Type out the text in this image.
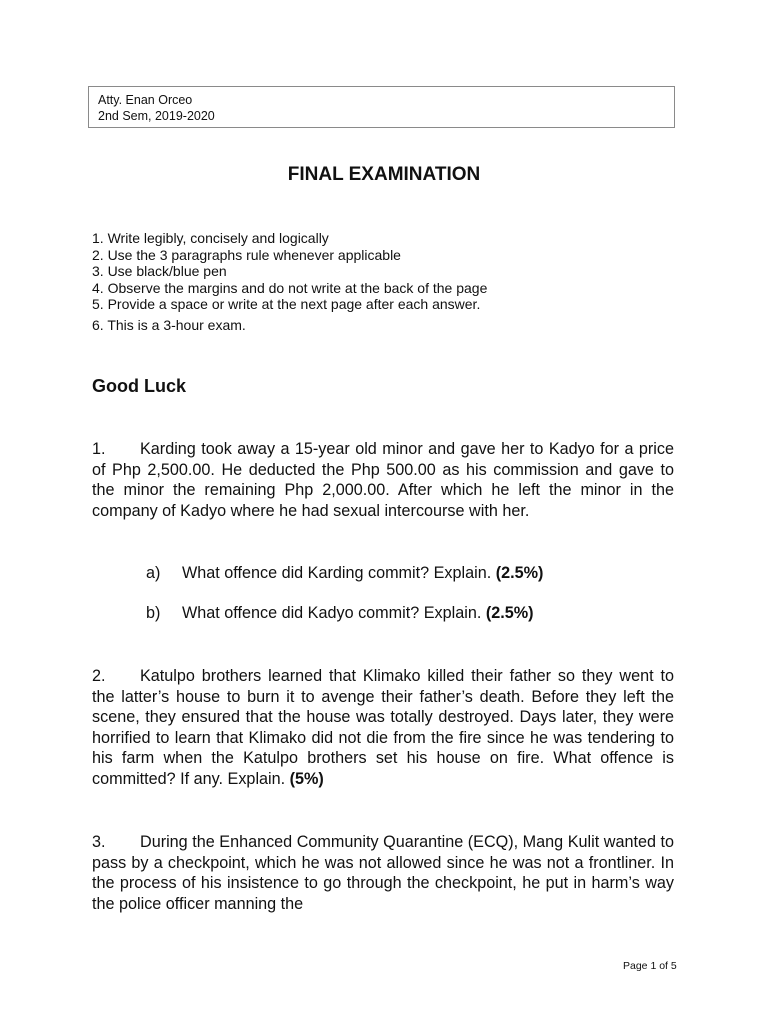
Atty. Enan Orceo
2nd Sem, 2019-2020
FINAL EXAMINATION
1. Write legibly, concisely and logically
2. Use the 3 paragraphs rule whenever applicable
3. Use black/blue pen
4. Observe the margins and do not write at the back of the page
5. Provide a space or write at the next page after each answer.
6. This is a 3-hour exam.
Good Luck
1. Karding took away a 15-year old minor and gave her to Kadyo for a price of Php 2,500.00. He deducted the Php 500.00 as his commission and gave to the minor the remaining Php 2,000.00. After which he left the minor in the company of Kadyo where he had sexual intercourse with her.
a) What offence did Karding commit? Explain. (2.5%)
b) What offence did Kadyo commit? Explain. (2.5%)
2. Katulpo brothers learned that Klimako killed their father so they went to the latter’s house to burn it to avenge their father’s death. Before they left the scene, they ensured that the house was totally destroyed. Days later, they were horrified to learn that Klimako did not die from the fire since he was tendering to his farm when the Katulpo brothers set his house on fire. What offence is committed? If any. Explain. (5%)
3. During the Enhanced Community Quarantine (ECQ), Mang Kulit wanted to pass by a checkpoint, which he was not allowed since he was not a frontliner. In the process of his insistence to go through the checkpoint, he put in harm’s way the police officer manning the
Page 1 of 5
